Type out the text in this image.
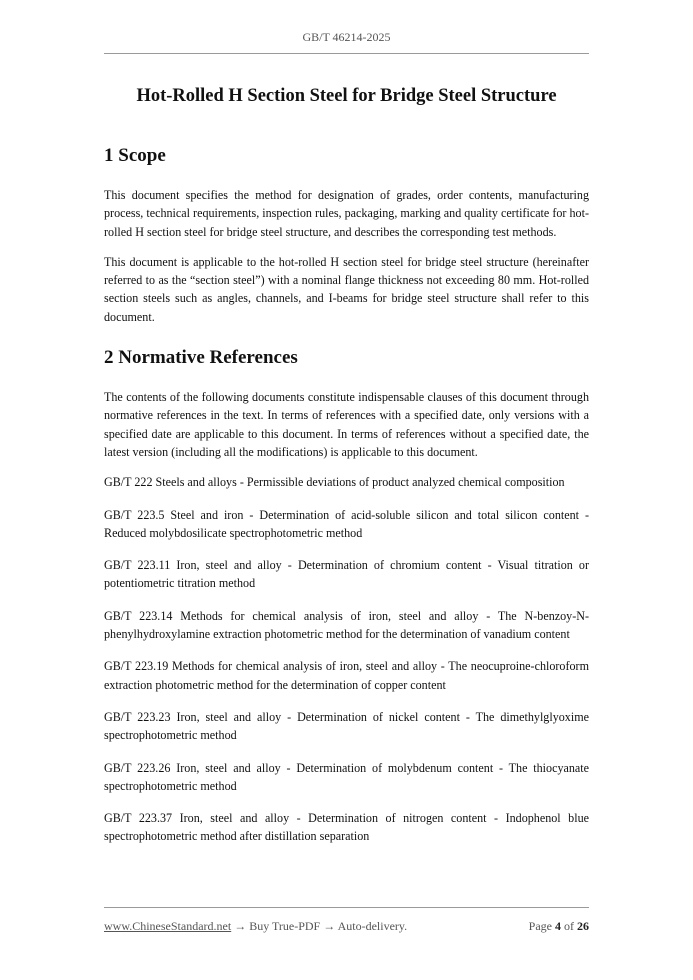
GB/T 46214-2025
Hot-Rolled H Section Steel for Bridge Steel Structure
1 Scope

This document specifies the method for designation of grades, order contents, manufacturing process, technical requirements, inspection rules, packaging, marking and quality certificate for hot-rolled H section steel for bridge steel structure, and describes the corresponding test methods.

This document is applicable to the hot-rolled H section steel for bridge steel structure (hereinafter referred to as the “section steel”) with a nominal flange thickness not exceeding 80 mm. Hot-rolled section steels such as angles, channels, and I-beams for bridge steel structure shall refer to this document.

2 Normative References

The contents of the following documents constitute indispensable clauses of this document through normative references in the text. In terms of references with a specified date, only versions with a specified date are applicable to this document. In terms of references without a specified date, the latest version (including all the modifications) is applicable to this document.

GB/T 222 Steels and alloys - Permissible deviations of product analyzed chemical composition

GB/T 223.5 Steel and iron - Determination of acid-soluble silicon and total silicon content - Reduced molybdosilicate spectrophotometric method

GB/T 223.11 Iron, steel and alloy - Determination of chromium content - Visual titration or potentiometric titration method

GB/T 223.14 Methods for chemical analysis of iron, steel and alloy - The N-benzoy-N-phenylhydroxylamine extraction photometric method for the determination of vanadium content

GB/T 223.19 Methods for chemical analysis of iron, steel and alloy - The neocuproine-chloroform extraction photometric method for the determination of copper content

GB/T 223.23 Iron, steel and alloy - Determination of nickel content - The dimethylglyoxime spectrophotometric method

GB/T 223.26 Iron, steel and alloy - Determination of molybdenum content - The thiocyanate spectrophotometric method

GB/T 223.37 Iron, steel and alloy - Determination of nitrogen content - Indophenol blue spectrophotometric method after distillation separation

www.ChineseStandard.net → Buy True-PDF → Auto-delivery.	Page 4 of 26
